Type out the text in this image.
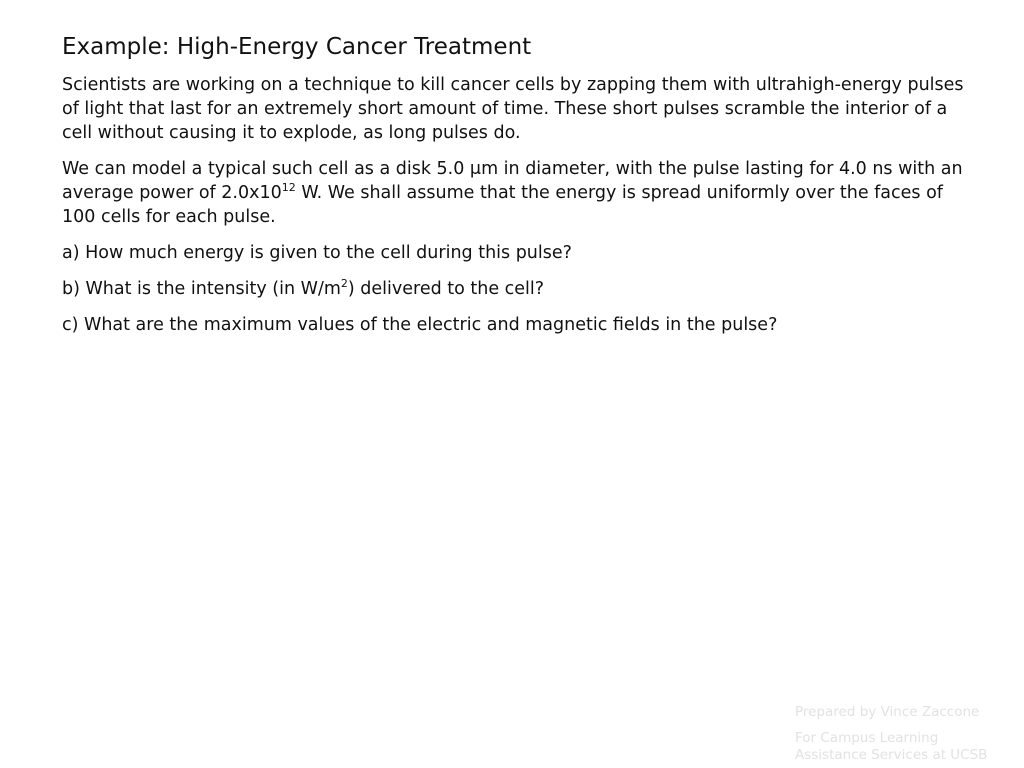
Example: High-Energy Cancer Treatment

Scientists are working on a technique to kill cancer cells by zapping them with ultrahigh-energy pulses of light that last for an extremely short amount of time. These short pulses scramble the interior of a cell without causing it to explode, as long pulses do.

We can model a typical such cell as a disk 5.0 μm in diameter, with the pulse lasting for 4.0 ns with an average power of $2.0x10^{12}$ W. We shall assume that the energy is spread uniformly over the faces of 100 cells for each pulse.

a) How much energy is given to the cell during this pulse?

b) What is the intensity (in $W/m^2$) delivered to the cell?

c) What are the maximum values of the electric and magnetic fields in the pulse?

Prepared by Vince Zaccone
For Campus Learning Assistance Services at UCSB
